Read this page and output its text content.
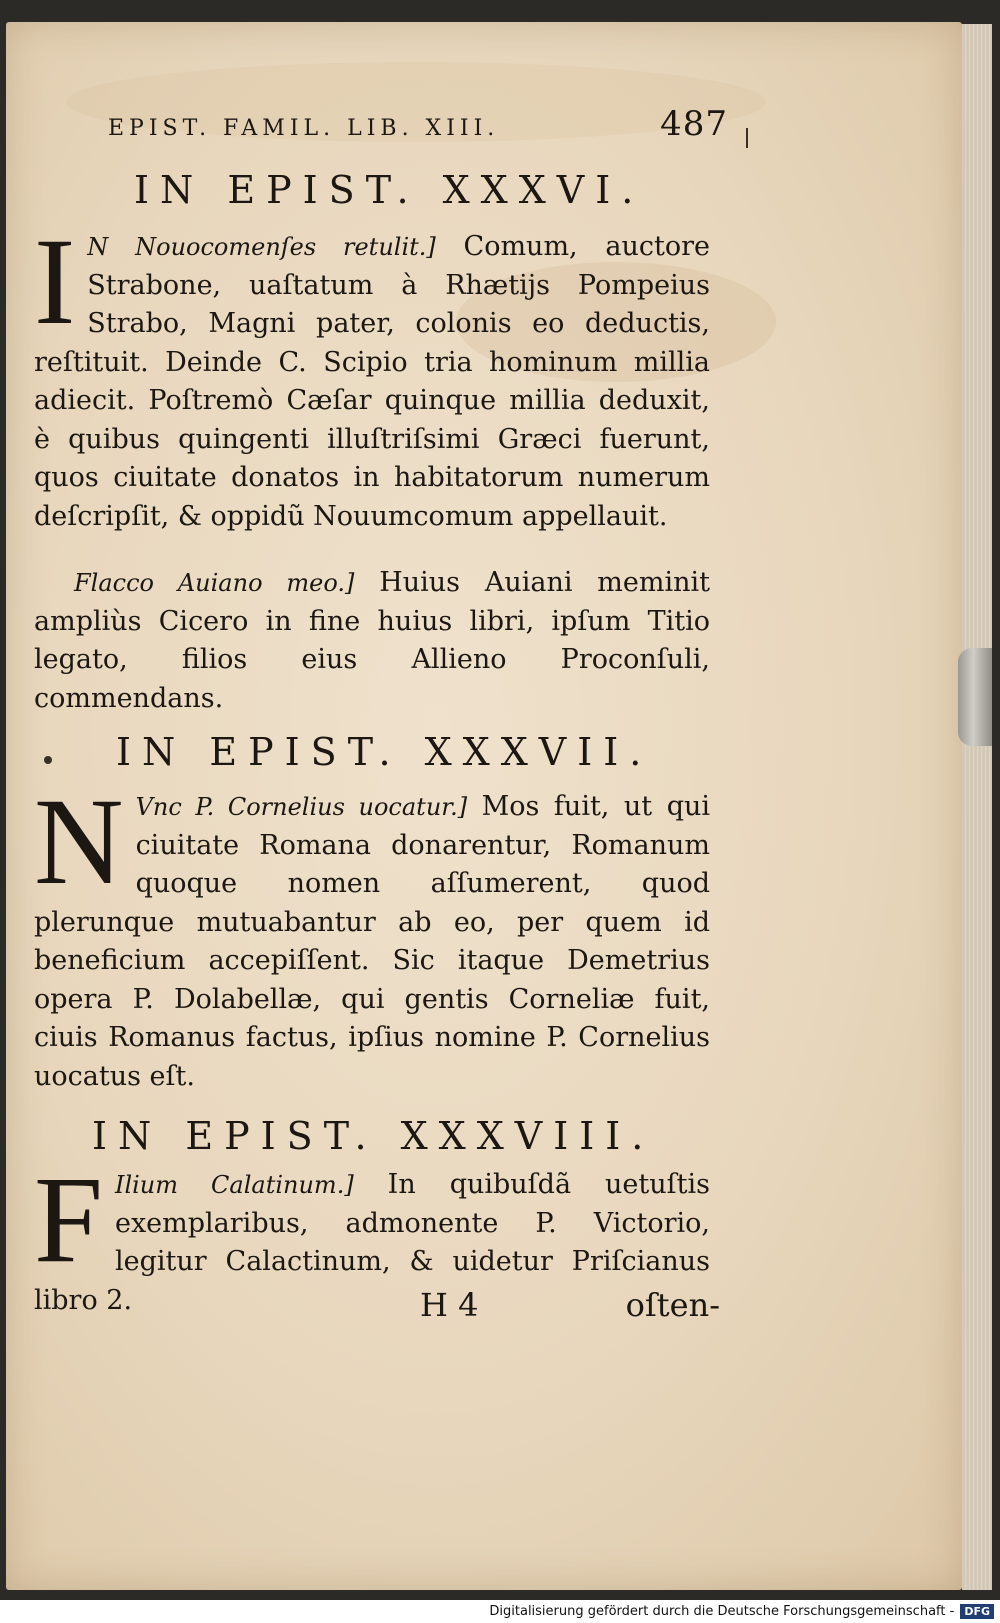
EPIST. FAMIL. LIB. XIII.	487
IN EPIST. XXXVI.
I N Nouocomenſes retulit.] Comum, auctore Strabone, uaſtatum à Rhætijs Pompeius Strabo, Magni pater, colonis eo deductis, reſtituit. Deinde C. Scipio tria hominum millia adiecit. Poſtremò Cæſar quinque millia deduxit, è quibus quingenti illuſtriſsimi Græci fuerunt, quos ciuitate donatos in habitatorum numerum deſcripſit, & oppidũ Nouumcomum appellauit.
Flacco Auiano meo.] Huius Auiani meminit ampliùs Cicero in fine huius libri, ipſum Titio legato, filios eius Allieno Proconſuli, commendans.
IN EPIST. XXXVII.
N Vnc P. Cornelius uocatur.] Mos fuit, ut qui ciuitate Romana donarentur, Romanum quoque nomen aſſumerent, quod plerunque mutuabantur ab eo, per quem id beneficium accepiſſent. Sic itaque Demetrius opera P. Dolabellæ, qui gentis Corneliæ fuit, ciuis Romanus factus, ipſius nomine P. Cornelius uocatus eſt.
IN EPIST. XXXVIII.
F Ilium Calatinum.] In quibuſdã uetuſtis exemplaribus, admonente P. Victorio, legitur Calactinum, & uidetur Priſcianus libro 2.	H 4	oſten-
Digitalisierung gefördert durch die Deutsche Forschungsgemeinschaft - DFG
